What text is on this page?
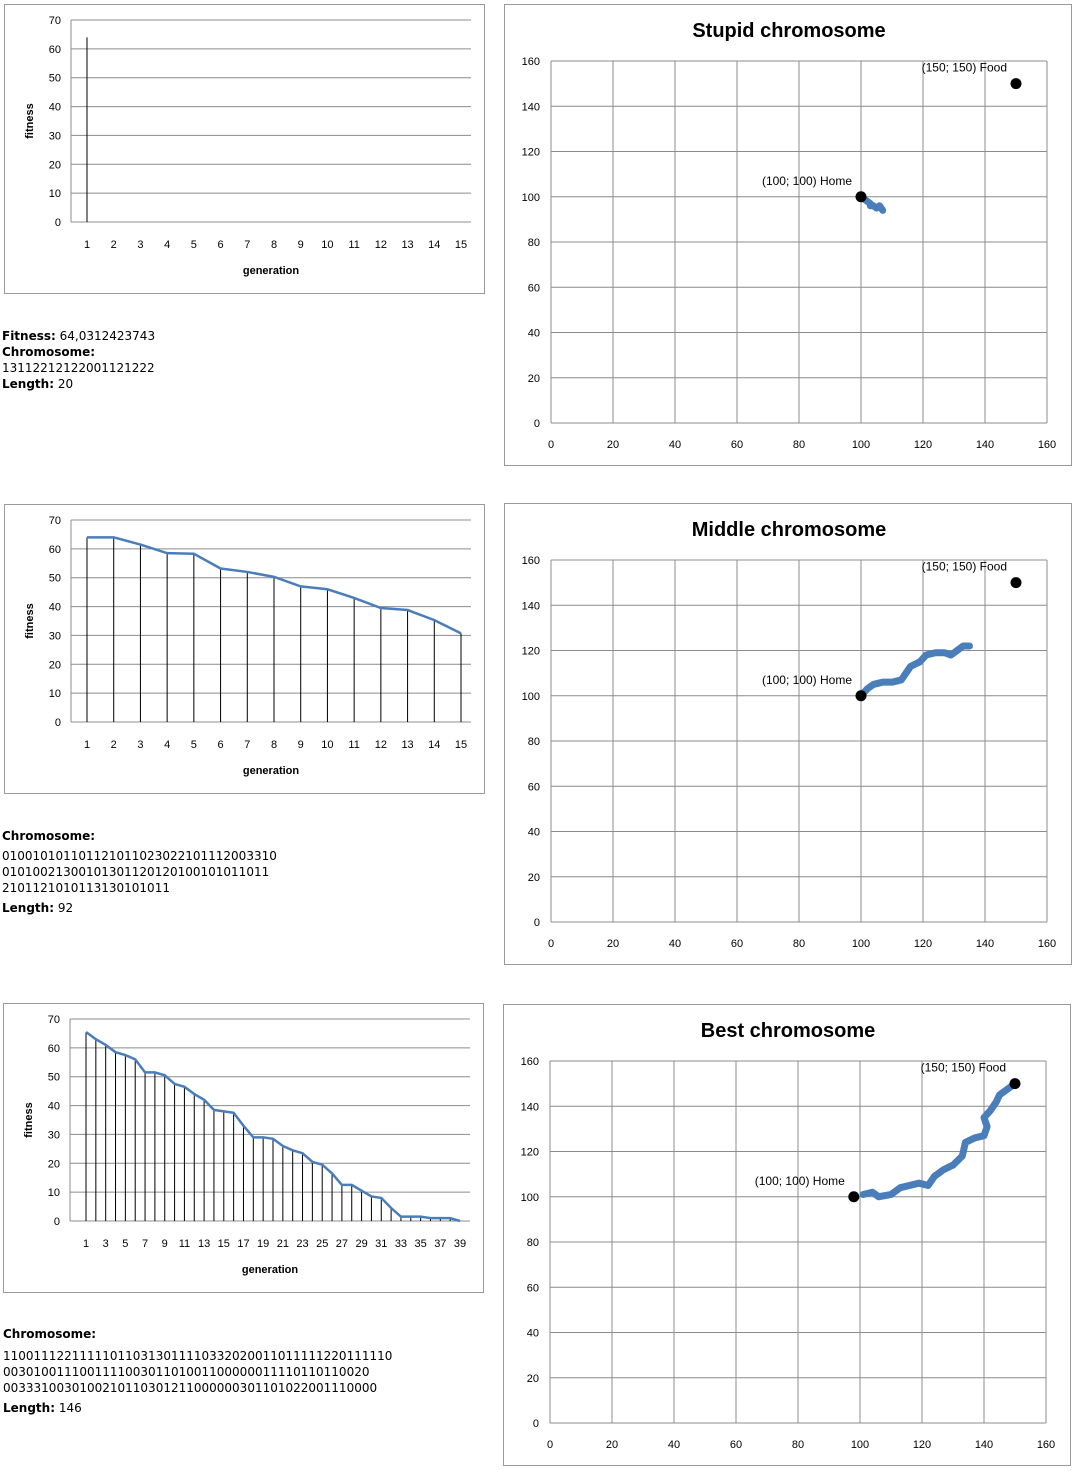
0
10
20
30
40
50
60
70
1 2 3 4 5 6 7 8 9 10 11 12 13 14 15
generation
fitness
Stupid chromosome
0
20
40
60
80
100
120
140
160
0	20	40	60	80	100	120	140	160
(100; 100) Home
(150; 150) Food
Fitness: 64,0312423743
Chromosome:
13112212122001121222
Length: 20
0
10
20
30
40
50
60
70
1 2 3 4 5 6 7 8 9 10 11 12 13 14 15
generation
fitness
Middle chromosome
0
20
40
60
80
100
120
140
160
0	20	40	60	80	100	120	140	160
(100; 100) Home
(150; 150) Food
Chromosome:
010010101101121011023022101112003310
01010021300101301120120100101011011
2101121010113130101011
Length: 92
0
10
20
30
40
50
60
70
1 3 5 7 9 11 13 15 17 19 21 23 25 27 29 31 33 35 37 39
generation
fitness
Best chromosome
0
20
40
60
80
100
120
140
160
0	20	40	60	80	100	120	140	160
(100; 100) Home
(150; 150) Food
Chromosome:
110011122111110110313011110332020011011111220111110
003010011100111100301101001100000011110110110020
0033310030100210110301211000000301101022001110000
Length: 146
